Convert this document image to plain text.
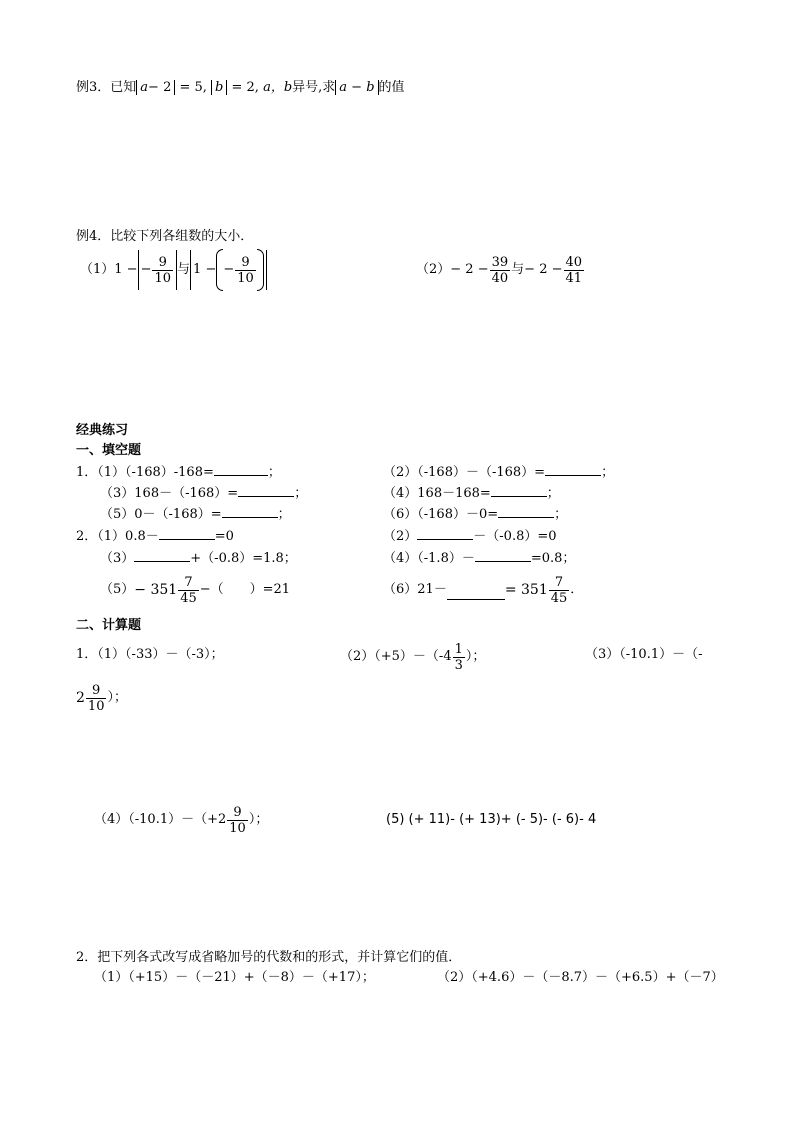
例3．已知 a− 2 = 5, b = 2, a，b异号,求 a − b 的值
例4．比较下列各组数的大小．
（1） 1 − − $\frac{9}{10}$ 与 1 − − $\frac{9}{10}$	$(2) - 2 - \frac{39}{40}$ 与 − $2 - \frac{40}{41}$
经典练习
一、填空题
1．（1）（-168）-168=	；	（2）（-168）－（-168）=	；
（3）168－（-168）=	；	（4）168－168=	；
（5）0－（-168）=	；	（6）（-168）－0=	；
2．（1）0.8－	=0	（2）	－（-0.8）=0
（3）	+（-0.8）=1.8；	（4）（-1.8）－	=0.8；
$(5) - 351 \frac{7}{45}$ −（　　）=21	（6）21－	= $351 \frac{7}{45}$ ．
二、计算题
1．（1）（-33）－（-3）；	$(2)(+5)-(-4 \frac{1}{3}$ ）；	（3）（-10.1）－（-
$2 \frac{9}{10}$ ）；
$(4)(-10.1)-(+2 \frac{9}{10}$ ）；	(5) (+ 11)- (+ 13)+ (- 5)- (- 6)- 4
2．把下列各式改写成省略加号的代数和的形式，并计算它们的值．
（1）（+15）－（－21）+（－8）－（+17）；	（2）（+4.6）－（－8.7）－（+6.5）+（－7）
